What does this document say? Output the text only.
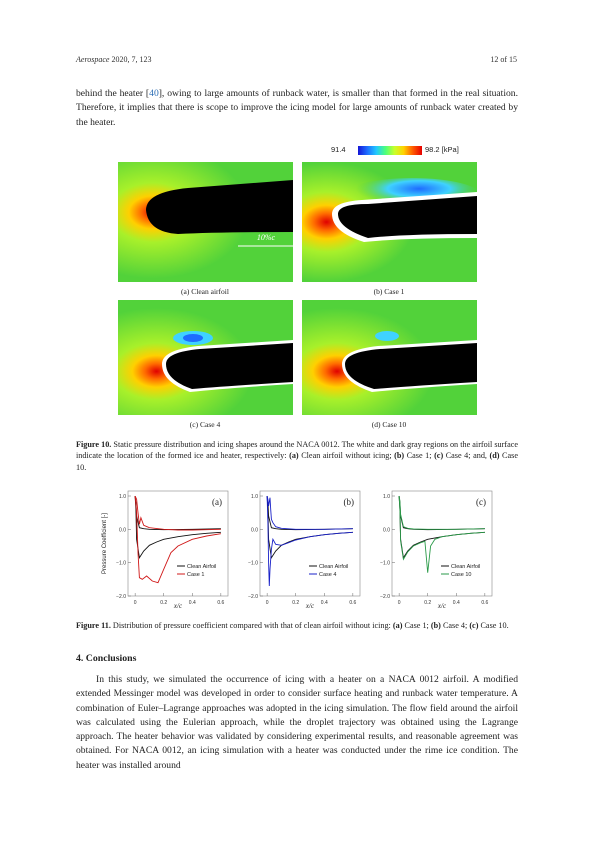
Aerospace 2020, 7, 123	12 of 15
behind the heater [40], owing to large amounts of runback water, is smaller than that formed in the real situation. Therefore, it implies that there is scope to improve the icing model for large amounts of runback water created by the heater.
91.4	98.2 [kPa]
10%c
(a) Clean airfoil	(b) Case 1
(c) Case 4	(d) Case 10
Figure 10. Static pressure distribution and icing shapes around the NACA 0012. The white and dark gray regions on the airfoil surface indicate the location of the formed ice and heater, respectively: (a) Clean airfoil without icing; (b) Case 1; (c) Case 4; and, (d) Case 10.
1.0
0.0
−1.0
−2.0
0	0.2	0.4	0.6
x/c
(a)
Pressure Coefficient [-]	Clean Airfoil
Case 1
1.0
0.0
−1.0
−2.0
0	0.2	0.4	0.6
x/c
(b)
Clean Airfoil
Case 4
1.0
0.0
−1.0
−2.0
0	0.2	0.4	0.6
x/c
(c)
Clean Airfoil
Case 10
Figure 11. Distribution of pressure coefficient compared with that of clean airfoil without icing: (a) Case 1; (b) Case 4; (c) Case 10.
4. Conclusions
In this study, we simulated the occurrence of icing with a heater on a NACA 0012 airfoil. A modified extended Messinger model was developed in order to consider surface heating and runback water temperature. A combination of Euler–Lagrange approaches was adopted in the icing simulation. The flow field around the airfoil was calculated using the Eulerian approach, while the droplet trajectory was obtained using the Lagrange approach. The heater behavior was validated by considering experimental results, and reasonable agreement was obtained. For NACA 0012, an icing simulation with a heater was conducted under the rime ice condition. The heater was installed around
